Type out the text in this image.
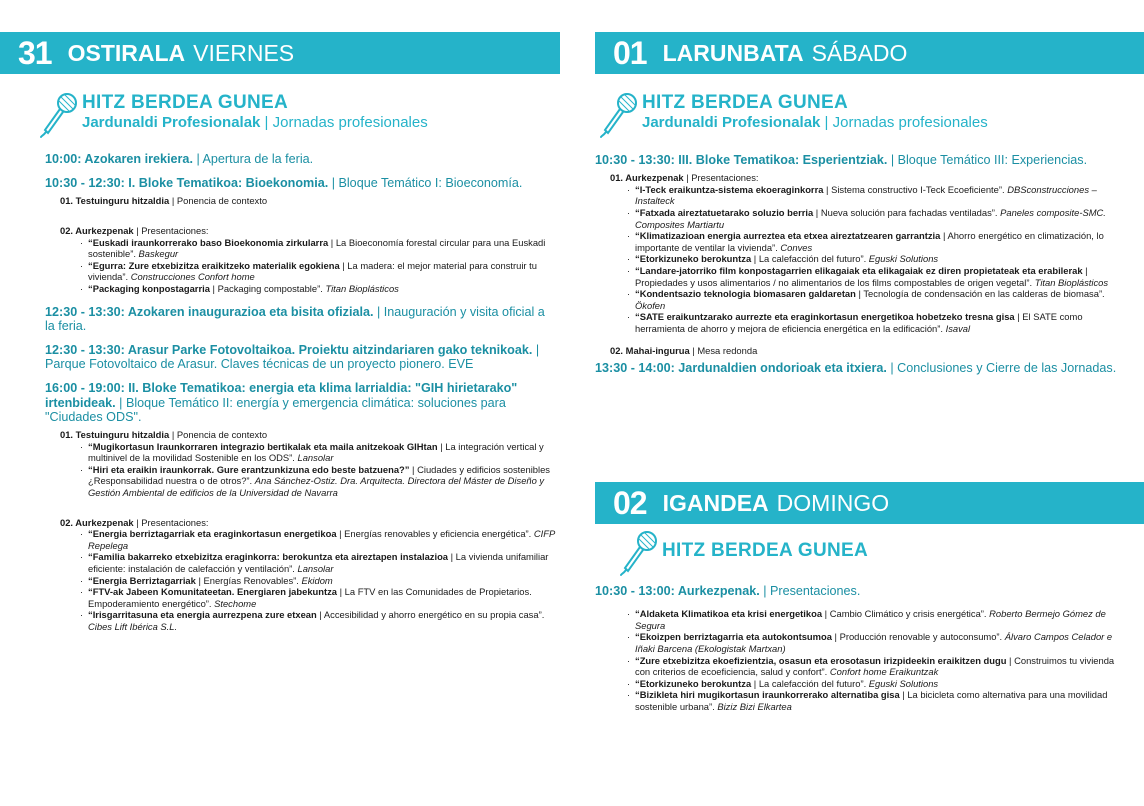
31 OSTIRALA VIERNES	01 LARUNBATA SÁBADO
02 IGANDEA DOMINGO
HITZ BERDEA GUNEA
Jardunaldi Profesionalak | Jornadas profesionales
HITZ BERDEA GUNEA
Jardunaldi Profesionalak | Jornadas profesionales
HITZ BERDEA GUNEA
10:00: Azokaren irekiera. | Apertura de la feria.
10:30 - 12:30: I. Bloke Tematikoa: Bioekonomia. | Bloque Temático I: Bioeconomía.
01. Testuinguru hitzaldia | Ponencia de contexto
02. Aurkezpenak | Presentaciones:
· “Euskadi iraunkorrerako baso Bioekonomia zirkularra | La Bioeconomía forestal circular para una Euskadi sostenible”. Baskegur
· “Egurra: Zure etxebizitza eraikitzeko materialik egokiena | La madera: el mejor material para construir tu vivienda”. Construcciones Confort home
· “Packaging konpostagarria | Packaging compostable”. Titan Bioplásticos
12:30 - 13:30: Azokaren inaugurazioa eta bisita ofiziala. | Inauguración y visita oficial a la feria.
12:30 - 13:30: Arasur Parke Fotovoltaikoa. Proiektu aitzindariaren gako teknikoak. | Parque Fotovoltaico de Arasur. Claves técnicas de un proyecto pionero. EVE
16:00 - 19:00: II. Bloke Tematikoa: energia eta klima larrialdia: "GIH hirietarako" irtenbideak. | Bloque Temático II: energía y emergencia climática: soluciones para "Ciudades ODS".
01. Testuinguru hitzaldia | Ponencia de contexto
· “Mugikortasun Iraunkorraren integrazio bertikalak eta maila anitzekoak GIHtan | La integración vertical y multinivel de la movilidad Sostenible en los ODS”. Lansolar
· “Hiri eta eraikin iraunkorrak. Gure erantzunkizuna edo beste batzuena?” | Ciudades y edificios sostenibles ¿Responsabilidad nuestra o de otros?”. Ana Sánchez-Ostiz. Dra. Arquitecta. Directora del Máster de Diseño y Gestión Ambiental de edificios de la Universidad de Navarra
02. Aurkezpenak | Presentaciones:
· “Energia berriztagarriak eta eraginkortasun energetikoa | Energías renovables y eficiencia energética”. CIFP Repelega
· “Familia bakarreko etxebizitza eraginkorra: berokuntza eta aireztapen instalazioa | La vivienda unifamiliar eficiente: instalación de calefacción y ventilación”. Lansolar
· “Energia Berriztagarriak | Energías Renovables”. Ekidom
· “FTV-ak Jabeen Komunitateetan. Energiaren jabekuntza | La FTV en las Comunidades de Propietarios. Empoderamiento energético”. Stechome
· “Irisgarritasuna eta energia aurrezpena zure etxean | Accesibilidad y ahorro energético en su propia casa”. Cibes Lift Ibérica S.L.
10:30 - 13:30: III. Bloke Tematikoa: Esperientziak. | Bloque Temático III: Experiencias.
01. Aurkezpenak | Presentaciones:
· “I-Teck eraikuntza-sistema ekoeraginkorra | Sistema constructivo I-Teck Ecoeficiente”. DBSconstrucciones – Instalteck
· “Fatxada aireztatuetarako soluzio berria | Nueva solución para fachadas ventiladas”. Paneles composite-SMC. Composites Martiartu
· “Klimatizazioan energia aurreztea eta etxea aireztatzearen garrantzia | Ahorro energético en climatización, lo importante de ventilar la vivienda”. Conves
· “Etorkizuneko berokuntza | La calefacción del futuro”. Eguski Solutions
· “Landare-jatorriko film konpostagarrien elikagaiak eta elikagaiak ez diren propietateak eta erabilerak | Propiedades y usos alimentarios / no alimentarios de los films compostables de origen vegetal”. Titan Bioplásticos
· “Kondentsazio teknologia biomasaren galdaretan | Tecnología de condensación en las calderas de biomasa”. Ökofen
· “SATE eraikuntzarako aurrezte eta eraginkortasun energetikoa hobetzeko tresna gisa | El SATE como herramienta de ahorro y mejora de eficiencia energética en la edificación”. Isaval
02. Mahai-ingurua | Mesa redonda
13:30 - 14:00: Jardunaldien ondorioak eta itxiera. | Conclusiones y Cierre de las Jornadas.
10:30 - 13:00: Aurkezpenak. | Presentaciones.
· “Aldaketa Klimatikoa eta krisi energetikoa | Cambio Climático y crisis energética”. Roberto Bermejo Gómez de Segura
· “Ekoizpen berriztagarria eta autokontsumoa | Producción renovable y autoconsumo”. Álvaro Campos Celador e Iñaki Barcena (Ekologistak Martxan)
· “Zure etxebizitza ekoefizientzia, osasun eta erosotasun irizpideekin eraikitzen dugu | Construimos tu vivienda con criterios de ecoeficiencia, salud y confort”. Confort home Eraikuntzak
· “Etorkizuneko berokuntza | La calefacción del futuro”. Eguski Solutions
· “Bizikleta hiri mugikortasun iraunkorrerako alternatiba gisa | La bicicleta como alternativa para una movilidad sostenible urbana”. Biziz Bizi Elkartea
